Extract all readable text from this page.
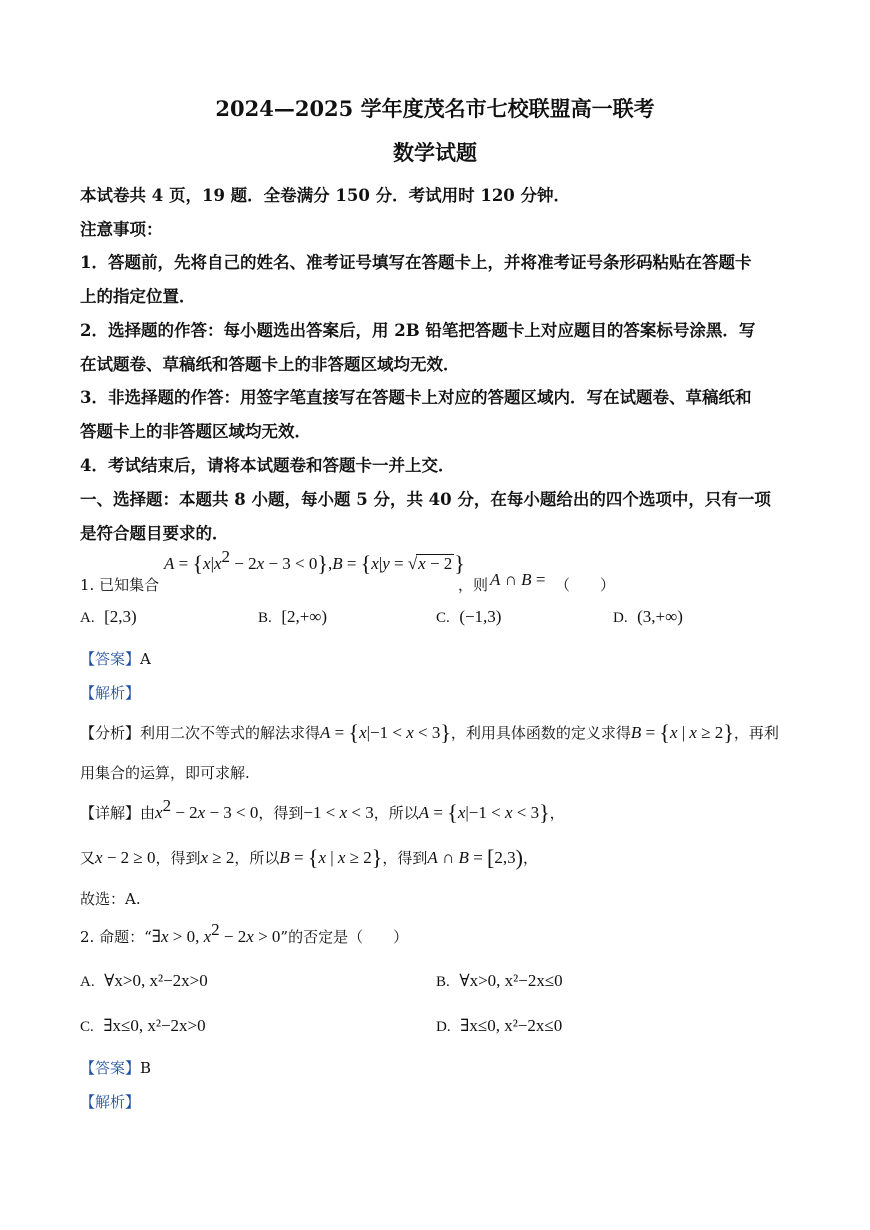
2024—2025 学年度茂名市七校联盟高一联考
数学试题
本试卷共 4 页，19 题．全卷满分 150 分．考试用时 120 分钟．
注意事项：
1．答题前，先将自己的姓名、准考证号填写在答题卡上，并将准考证号条形码粘贴在答题卡
上的指定位置．
2．选择题的作答：每小题选出答案后，用 2B 铅笔把答题卡上对应题目的答案标号涂黑．写
在试题卷、草稿纸和答题卡上的非答题区域均无效．
3．非选择题的作答：用签字笔直接写在答题卡上对应的答题区域内．写在试题卷、草稿纸和
答题卡上的非答题区域均无效．
4．考试结束后，请将本试题卷和答题卡一并上交．
一、选择题：本题共 8 小题，每小题 5 分，共 40 分，在每小题给出的四个选项中，只有一项
是符合题目要求的．
1. 已知集合
$A = \{x|x^2 - 2x - 3 < 0\},B = \{x|y = √x - 2\}$
，则 A ∩ B = （　　）
A. [2,3)	B. [2,+∞)	C. (−1,3)	D. (3,+∞)
【答案】A
【解析】
【分析】利用二次不等式的解法求得A = {x|−1 < x < 3}，利用具体函数的定义求得B = {x | x ≥ 2}，再利
用集合的运算，即可求解.
【详解】由$x^2 - 2x - 3 < 0$，得到−1 < x < 3，所以A = {x|−1 < x < 3}，
又x − 2 ≥ 0，得到x ≥ 2，所以B = {x | x ≥ 2}，得到A ∩ B = [2,3)，
故选：A.
2. 命题：“∃x > 0, $x^2 - 2x > 0$”的否定是（　　）
A. ∀x>0, x²−2x>0	B. ∀x>0, x²−2x≤0
C. ∃x≤0, x²−2x>0	D. ∃x≤0, x²−2x≤0
【答案】B
【解析】
